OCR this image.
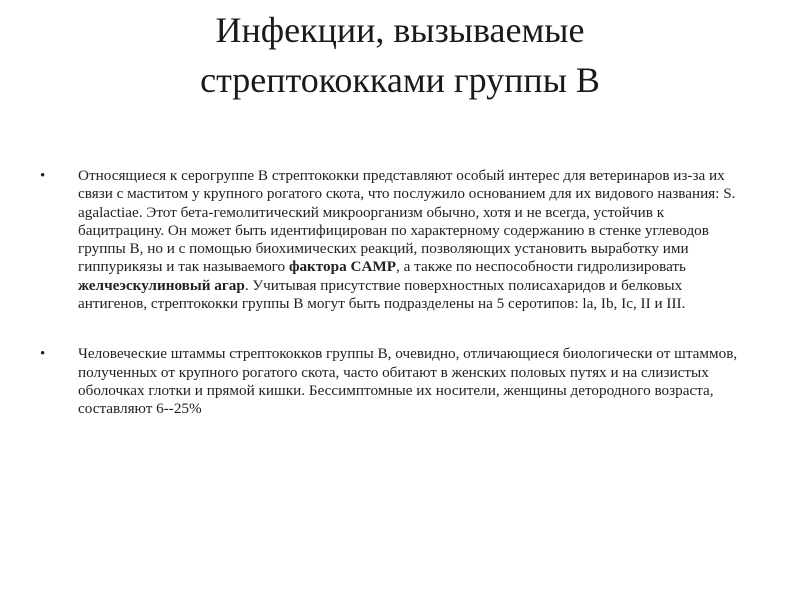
Инфекции, вызываемые
стрептококками группы В
• Относящиеся к серогруппе В стрептококки представляют особый интерес для ветеринаров из-за их связи с маститом у крупного рогатого скота, что послужило основанием для их видового названия: S. agalactiae. Этот бета-гемолитический микроорганизм обычно, хотя и не всегда, устойчив к бацитрацину. Он может быть идентифицирован по характерному содержанию в стенке углеводов группы В, но и с помощью биохимических реакций, позволяющих установить выработку ими гиппурикязы и так называемого фактора CAMP, а также по неспособности гидролизировать желчеэскулиновый агар. Учитывая присутствие поверхностных полисахаридов и белковых антигенов, стрептококки группы В могут быть подразделены на 5 серотипов: la, Ib, Ic, II и III.
• Человеческие штаммы стрептококков группы В, очевидно, отличающиеся биологически от штаммов, полученных от крупного рогатого скота, часто обитают в женских половых путях и на слизистых оболочках глотки и прямой кишки. Бессимптомные их носители, женщины детородного возраста, составляют 6--25%
